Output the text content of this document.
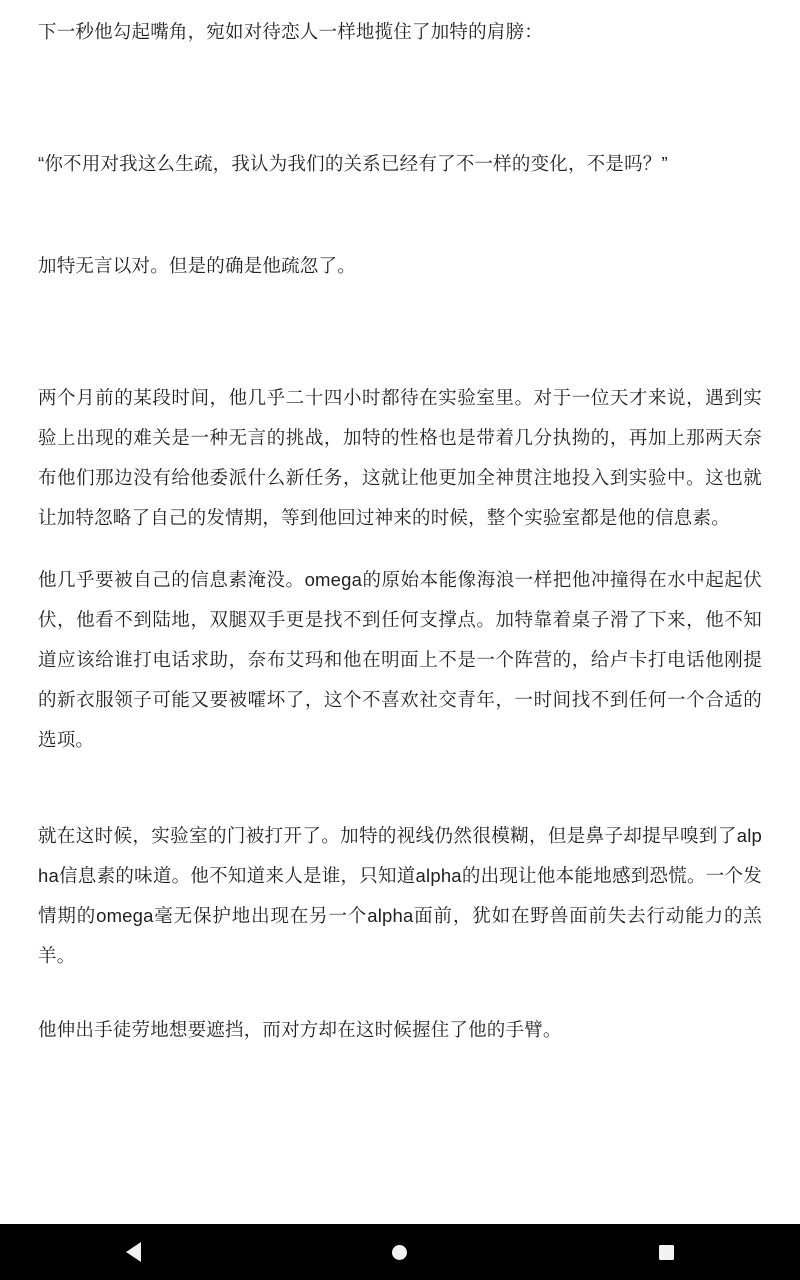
下一秒他勾起嘴角，宛如对待恋人一样地揽住了加特的肩膀：

“你不用对我这么生疏，我认为我们的关系已经有了不一样的变化，不是吗？”

加特无言以对。但是的确是他疏忽了。

两个月前的某段时间，他几乎二十四小时都待在实验室里。对于一位天才来说，遇到实验上出现的难关是一种无言的挑战，加特的性格也是带着几分执拗的，再加上那两天奈布他们那边没有给他委派什么新任务，这就让他更加全神贯注地投入到实验中。这也就让加特忽略了自己的发情期，等到他回过神来的时候，整个实验室都是他的信息素。

他几乎要被自己的信息素淹没。omega的原始本能像海浪一样把他冲撞得在水中起起伏伏，他看不到陆地，双腿双手更是找不到任何支撑点。加特靠着桌子滑了下来，他不知道应该给谁打电话求助，奈布艾玛和他在明面上不是一个阵营的，给卢卡打电话他刚提的新衣服领子可能又要被嚯坏了，这个不喜欢社交青年，一时间找不到任何一个合适的选项。

就在这时候，实验室的门被打开了。加特的视线仍然很模糊，但是鼻子却提早嗅到了alpha信息素的味道。他不知道来人是谁，只知道alpha的出现让他本能地感到恐慌。一个发情期的omega毫无保护地出现在另一个alpha面前，犹如在野兽面前失去行动能力的羔羊。

他伸出手徒劳地想要遮挡，而对方却在这时候握住了他的手臂。
